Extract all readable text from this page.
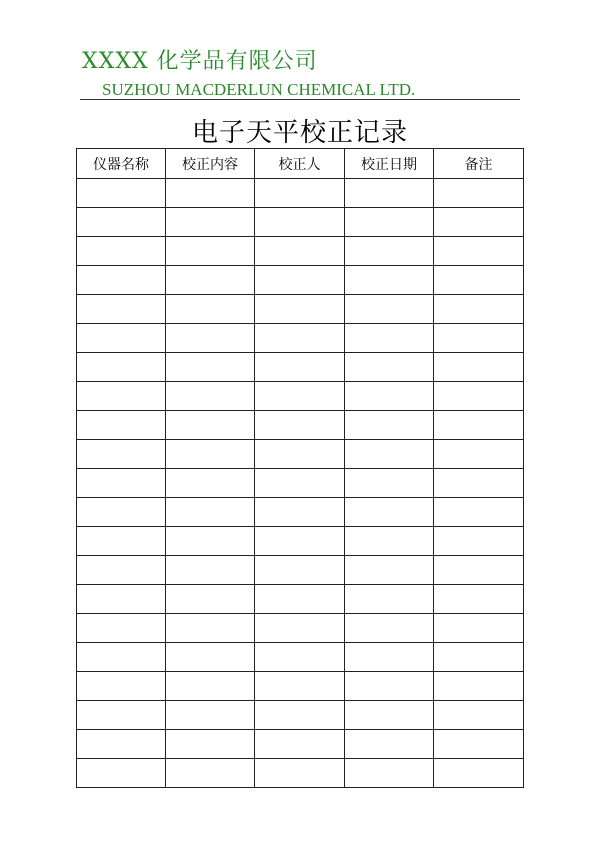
XXXX 化学品有限公司
SUZHOU MACDERLUN CHEMICAL LTD.
电子天平校正记录
仪器名称	校正内容	校正人	校正日期	备注
